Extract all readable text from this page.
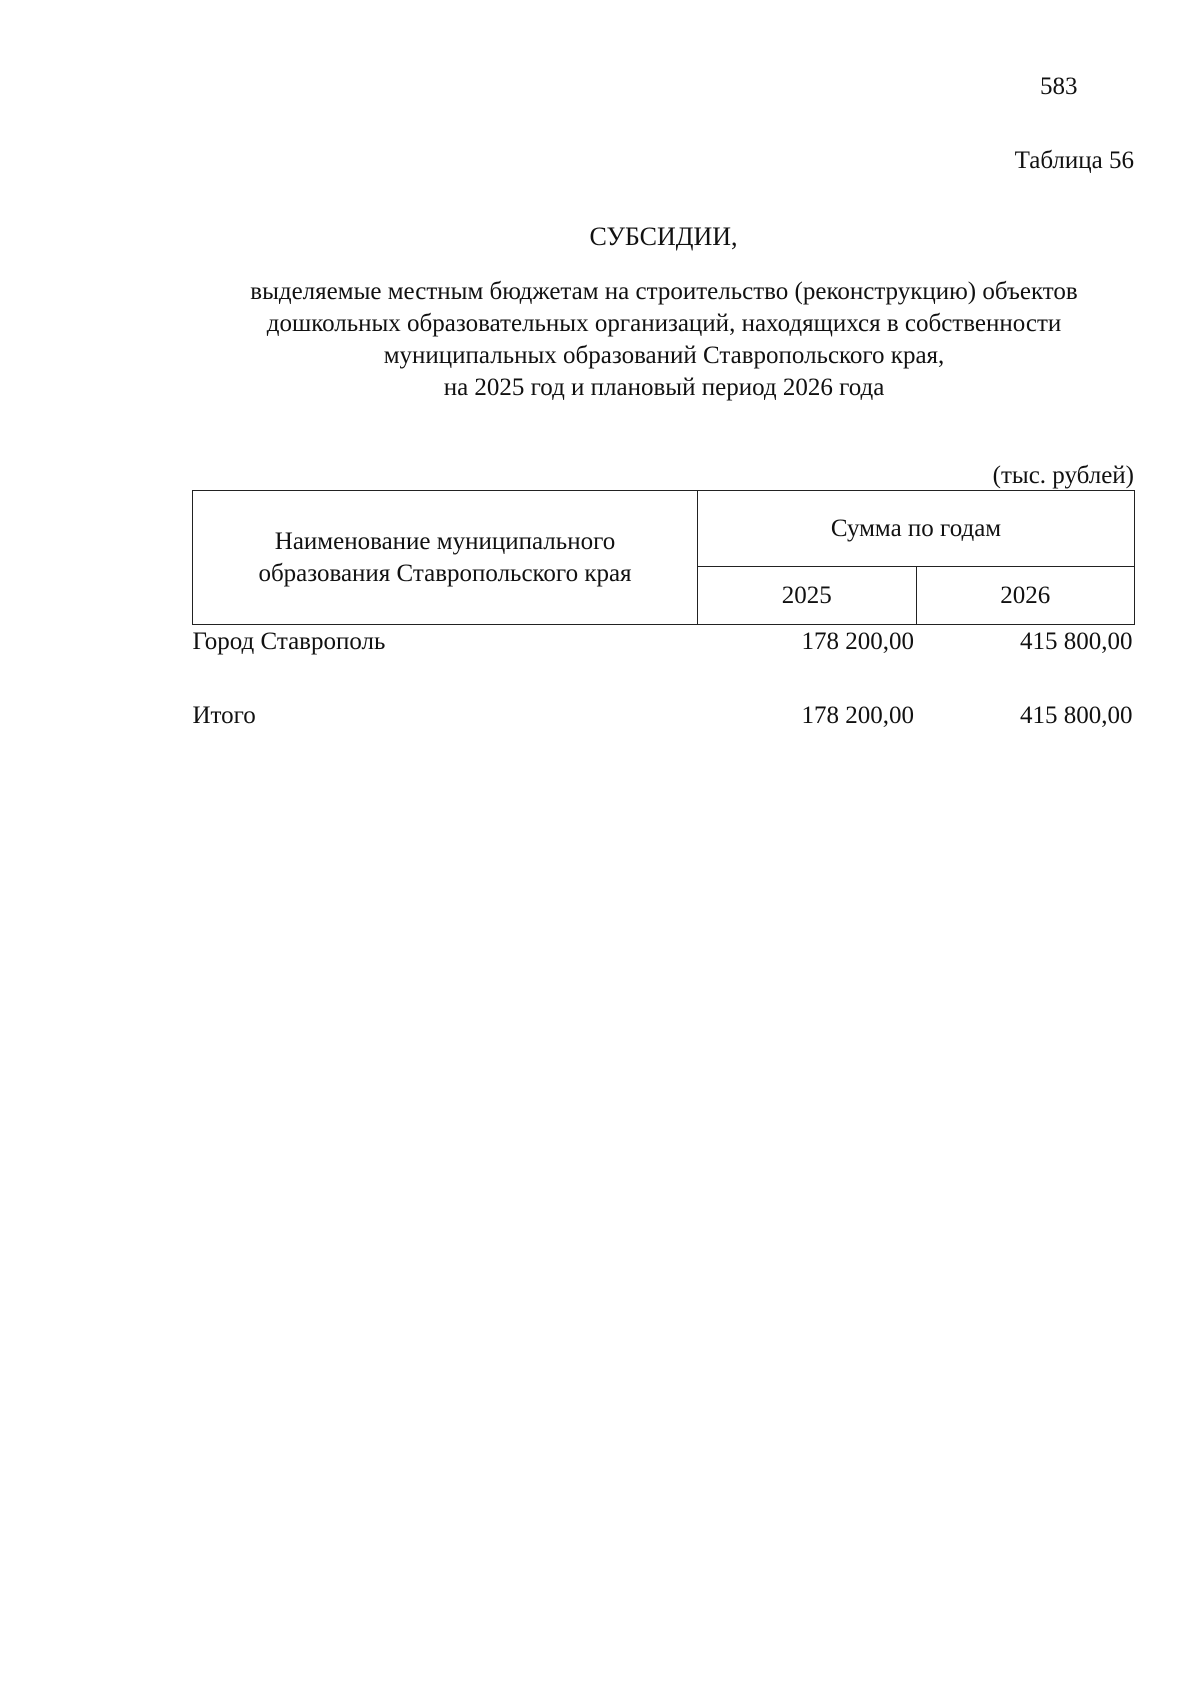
583
Таблица 56
СУБСИДИИ,
выделяемые местным бюджетам на строительство (реконструкцию) объектов
дошкольных образовательных организаций, находящихся в собственности
муниципальных образований Ставропольского края,
на 2025 год и плановый период 2026 года
(тыс. рублей)
Наименование муниципального
образования Ставропольского края	Сумма по годам	
	2025	2026
Город Ставрополь	178 200,00	415 800,00
Итого	178 200,00	415 800,00
